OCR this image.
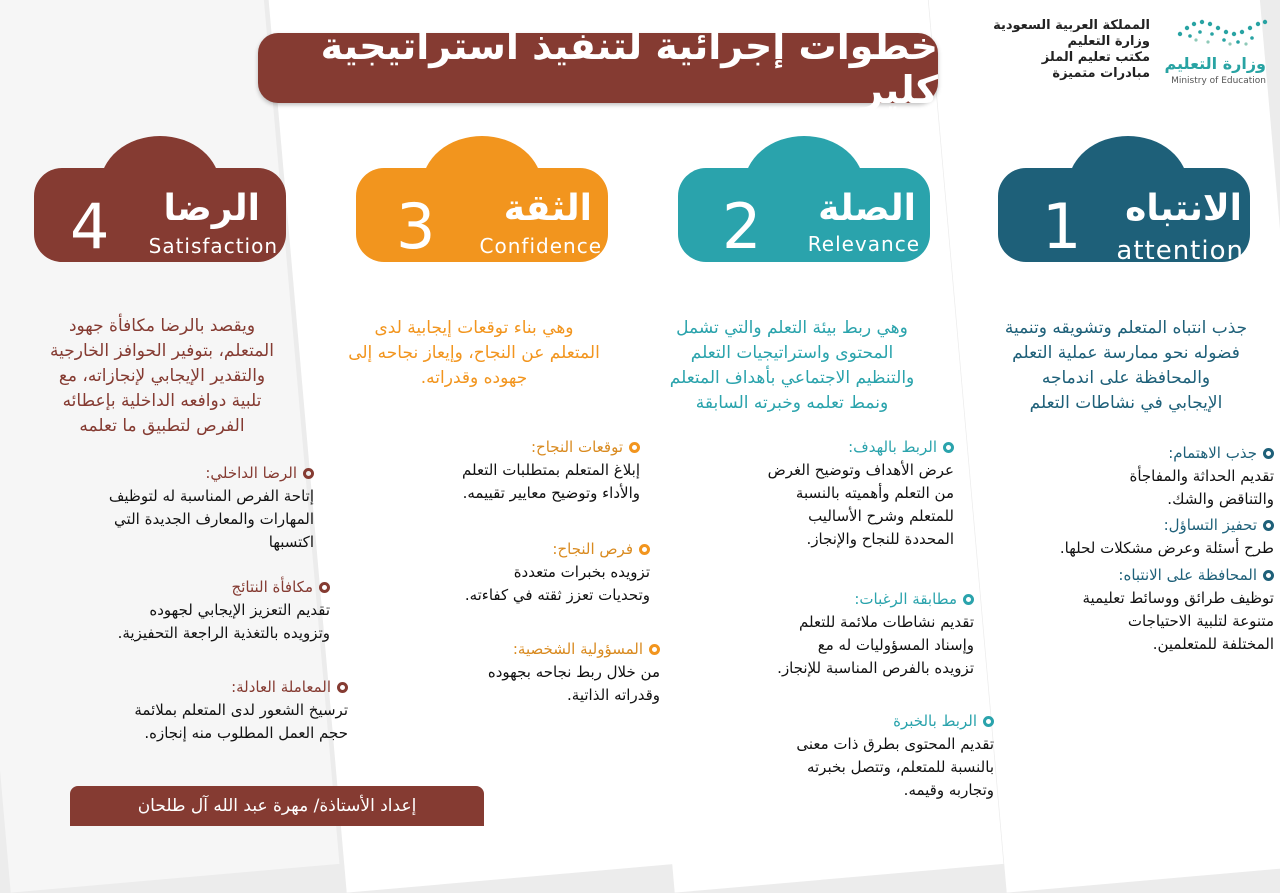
خطوات إجرائية لتنفيذ استراتيجية كلير
المملكة العربية السعودية
وزارة التعليم
مكتب تعليم الملز
مبادرات متميزة
وزارة التعليم
Ministry of Education
1 الانتباه
attention
جذب انتباه المتعلم وتشويقه وتنمية
فضوله نحو ممارسة عملية التعلم
والمحافظة على اندماجه
الإيجابي في نشاطات التعلم
جذب الاهتمام:
تقديم الحداثة والمفاجأة
والتناقض والشك.
تحفيز التساؤل:
طرح أسئلة وعرض مشكلات لحلها.
المحافظة على الانتباه:
توظيف طرائق ووسائط تعليمية
متنوعة لتلبية الاحتياجات
المختلفة للمتعلمين.
2 الصلة
Relevance
وهي ربط بيئة التعلم والتي تشمل
المحتوى واستراتيجيات التعلم
والتنظيم الاجتماعي بأهداف المتعلم
ونمط تعلمه وخبرته السابقة
الربط بالهدف:
عرض الأهداف وتوضيح الغرض
من التعلم وأهميته بالنسبة
للمتعلم وشرح الأساليب
المحددة للنجاح والإنجاز.
مطابقة الرغبات:
تقديم نشاطات ملائمة للتعلم
وإسناد المسؤوليات له مع
تزويده بالفرص المناسبة للإنجاز.
الربط بالخبرة
تقديم المحتوى بطرق ذات معنى
بالنسبة للمتعلم، وتتصل بخبرته
وتجاربه وقيمه.
3 الثقة
Confidence
وهي بناء توقعات إيجابية لدى
المتعلم عن النجاح، وإيعاز نجاحه إلى
جهوده وقدراته.
توقعات النجاح:
إبلاغ المتعلم بمتطلبات التعلم
والأداء وتوضيح معايير تقييمه.
فرص النجاح:
تزويده بخبرات متعددة
وتحديات تعزز ثقته في كفاءته.
المسؤولية الشخصية:
من خلال ربط نجاحه بجهوده
وقدراته الذاتية.
4 الرضا
Satisfaction
ويقصد بالرضا مكافأة جهود
المتعلم، بتوفير الحوافز الخارجية
والتقدير الإيجابي لإنجازاته، مع
تلبية دوافعه الداخلية بإعطائه
الفرص لتطبيق ما تعلمه
الرضا الداخلي:
إتاحة الفرص المناسبة له لتوظيف
المهارات والمعارف الجديدة التي
اكتسبها
مكافأة النتائج
تقديم التعزيز الإيجابي لجهوده
وتزويده بالتغذية الراجعة التحفيزية.
المعاملة العادلة:
ترسيخ الشعور لدى المتعلم بملائمة
حجم العمل المطلوب منه إنجازه.
إعداد الأستاذة/ مهرة عبد الله آل طلحان
